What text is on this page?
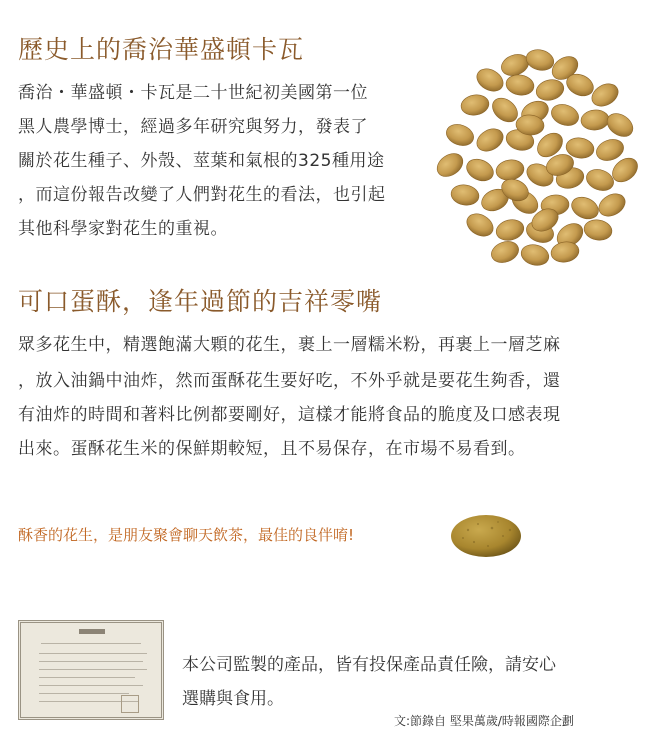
歷史上的喬治華盛頓卡瓦
喬治・華盛頓・卡瓦是二十世紀初美國第一位
黑人農學博士，經過多年研究與努力，發表了
關於花生種子、外殼、莖葉和氣根的325種用途
，而這份報告改變了人們對花生的看法，也引起
其他科學家對花生的重視。
可口蛋酥，逢年過節的吉祥零嘴
眾多花生中，精選飽滿大顆的花生，裹上一層糯米粉，再裹上一層芝麻
，放入油鍋中油炸，然而蛋酥花生要好吃，不外乎就是要花生夠香，還
有油炸的時間和著料比例都要剛好，這樣才能將食品的脆度及口感表現
出來。蛋酥花生米的保鮮期較短，且不易保存，在市場不易看到。
酥香的花生，是朋友聚會聊天飲茶，最佳的良伴唷!
本公司監製的產品，皆有投保產品責任險，請安心
選購與食用。
文:節錄自 堅果萬歲/時報國際企劃
